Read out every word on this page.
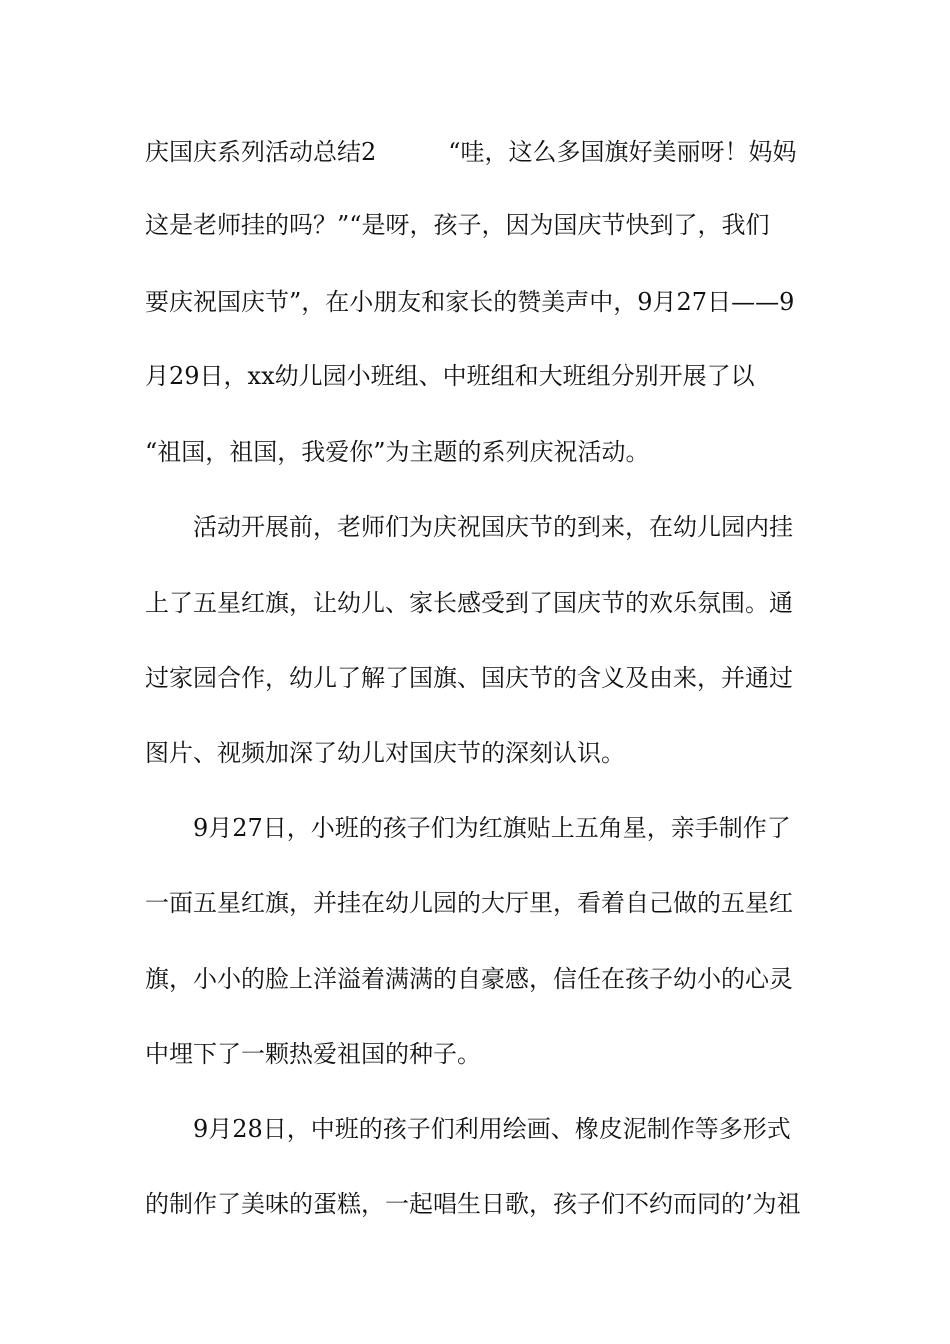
庆国庆系列活动总结2　　　“哇，这么多国旗好美丽呀！妈妈
这是老师挂的吗？”“是呀，孩子，因为国庆节快到了，我们
要庆祝国庆节”，在小朋友和家长的赞美声中，9月27日——9
月29日，xx幼儿园小班组、中班组和大班组分别开展了以
“祖国，祖国，我爱你”为主题的系列庆祝活动。
　　活动开展前，老师们为庆祝国庆节的到来，在幼儿园内挂
上了五星红旗，让幼儿、家长感受到了国庆节的欢乐氛围。通
过家园合作，幼儿了解了国旗、国庆节的含义及由来，并通过
图片、视频加深了幼儿对国庆节的深刻认识。
　　9月27日，小班的孩子们为红旗贴上五角星，亲手制作了
一面五星红旗，并挂在幼儿园的大厅里，看着自己做的五星红
旗，小小的脸上洋溢着满满的自豪感，信任在孩子幼小的心灵
中埋下了一颗热爱祖国的种子。
　　9月28日，中班的孩子们利用绘画、橡皮泥制作等多形式
的制作了美味的蛋糕，一起唱生日歌，孩子们不约而同的’为祖
